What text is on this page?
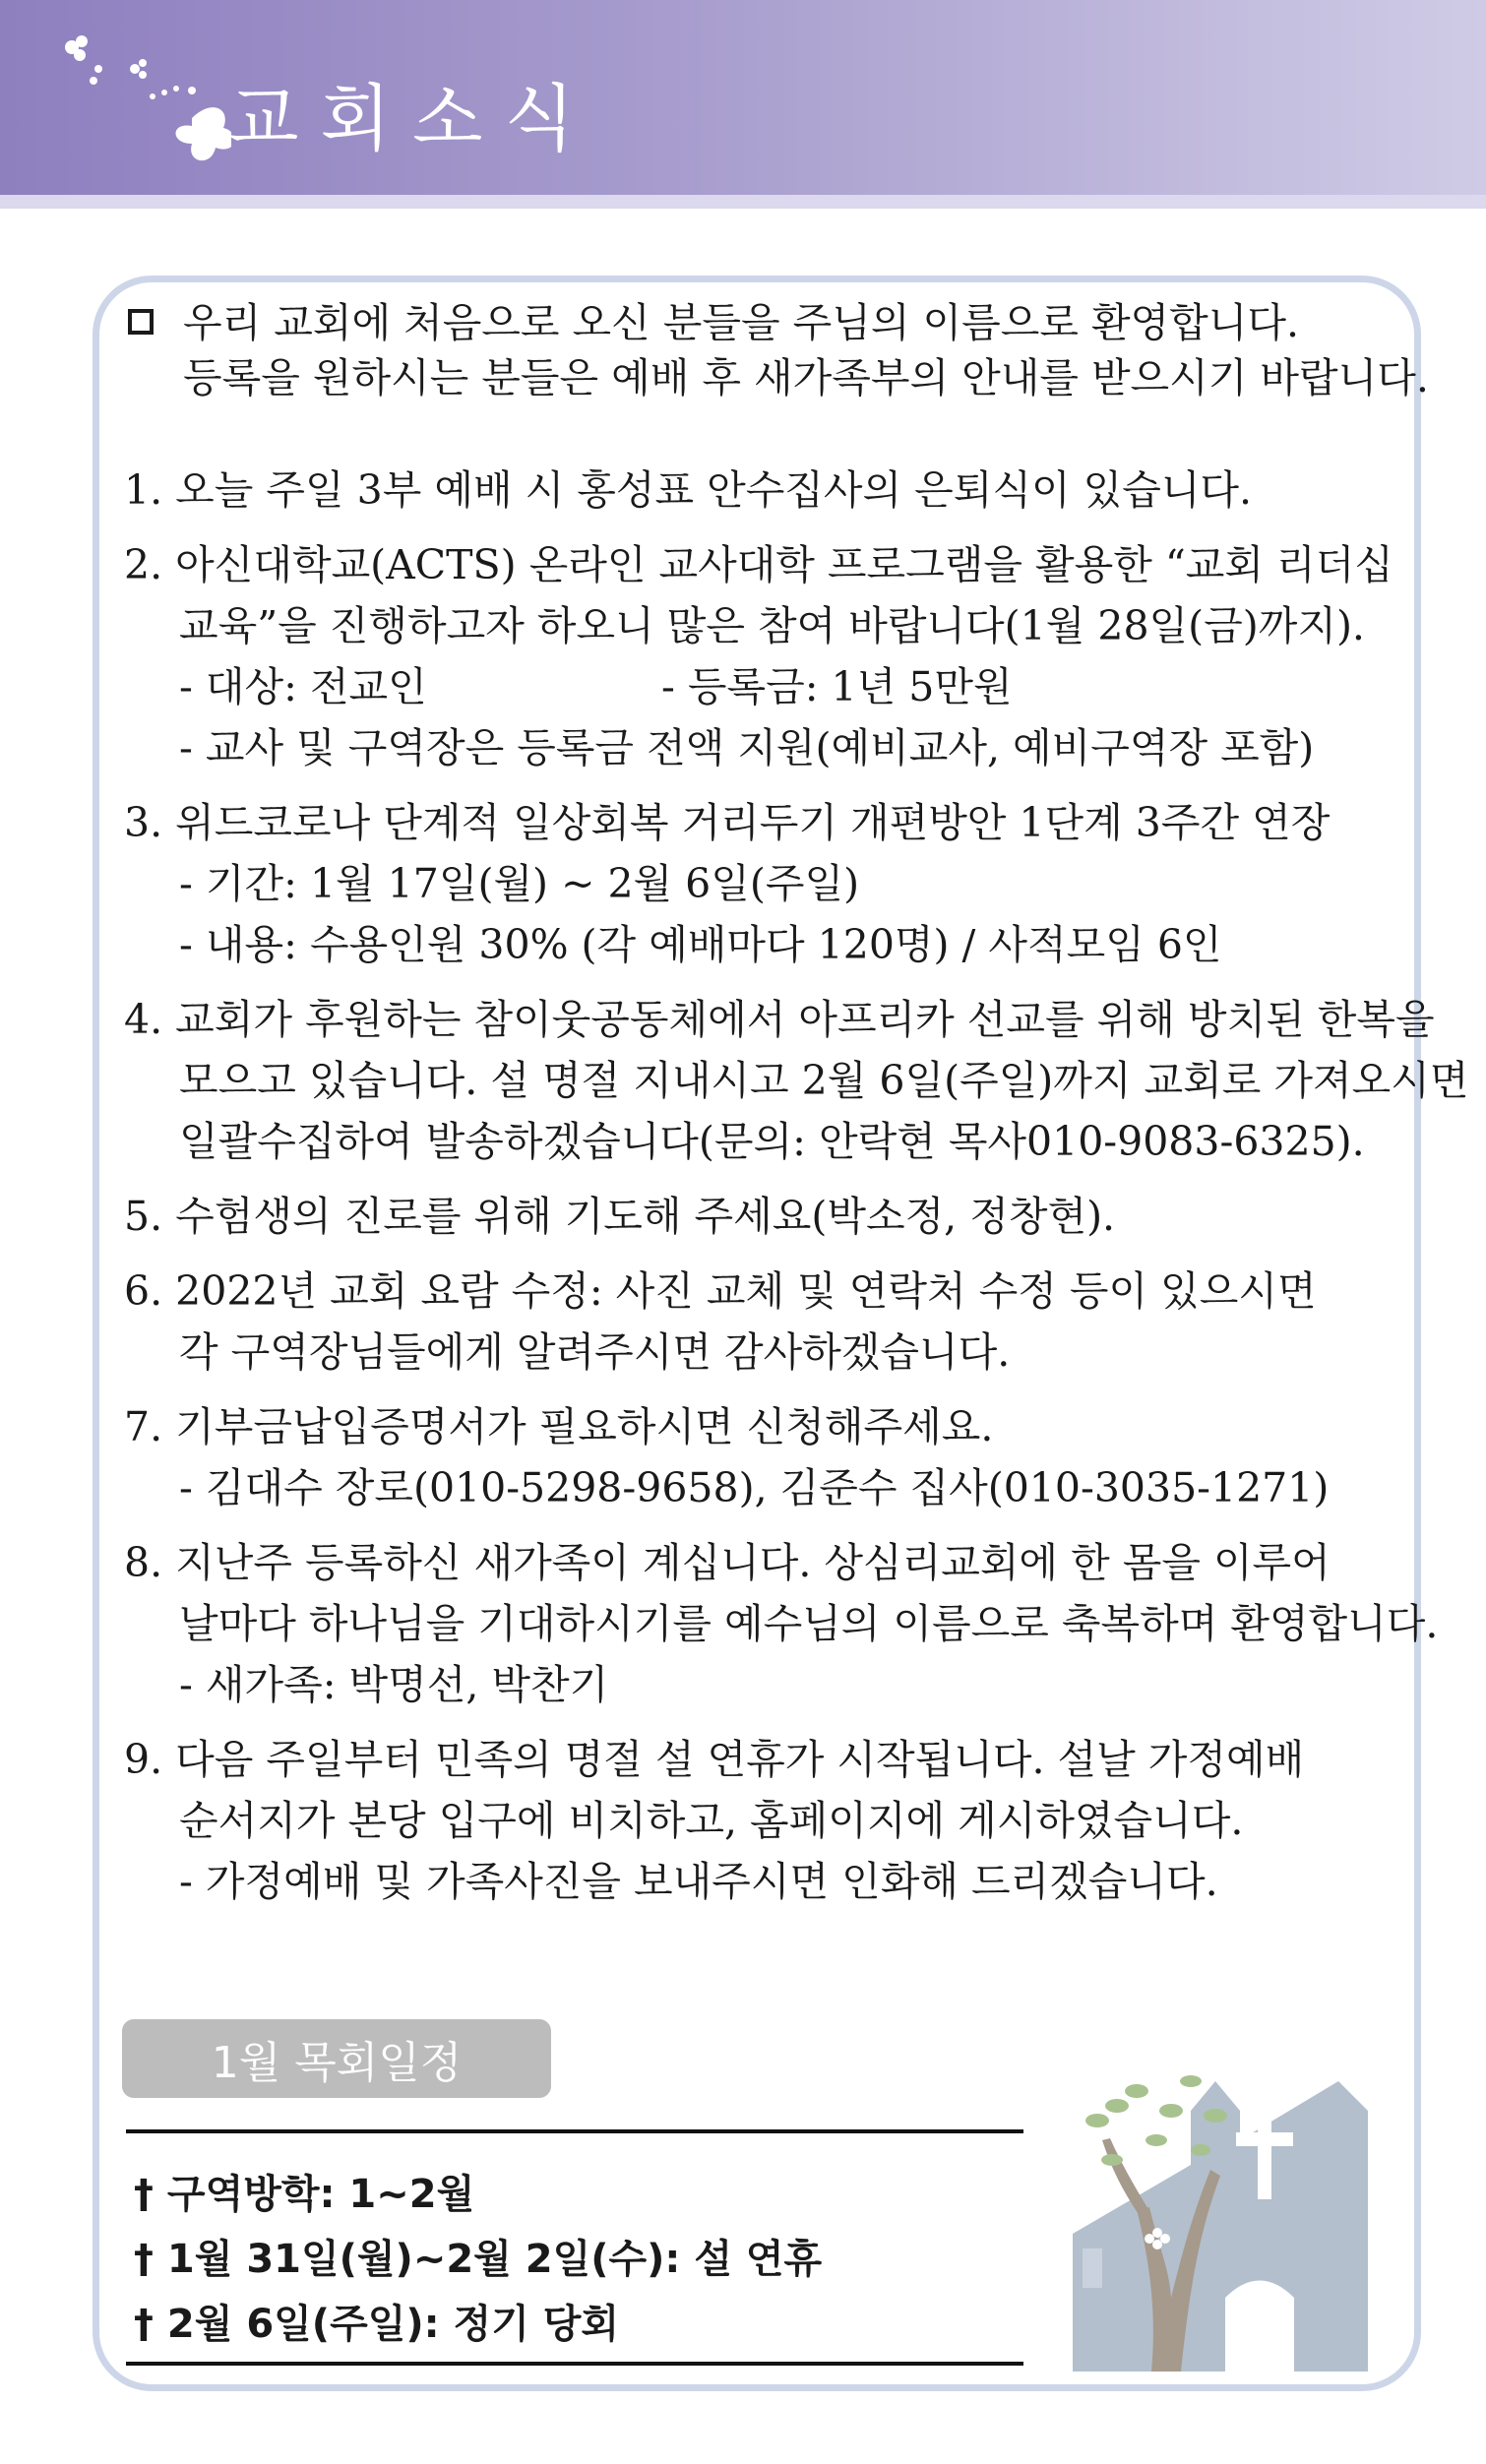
교회소식
우리 교회에 처음으로 오신 분들을 주님의 이름으로 환영합니다.
등록을 원하시는 분들은 예배 후 새가족부의 안내를 받으시기 바랍니다.
1. 오늘 주일 3부 예배 시 홍성표 안수집사의 은퇴식이 있습니다.
2. 아신대학교(ACTS) 온라인 교사대학 프로그램을 활용한 “교회 리더십
교육”을 진행하고자 하오니 많은 참여 바랍니다(1월 28일(금)까지).
- 대상: 전교인	- 등록금: 1년 5만원
- 교사 및 구역장은 등록금 전액 지원(예비교사, 예비구역장 포함)
3. 위드코로나 단계적 일상회복 거리두기 개편방안 1단계 3주간 연장
- 기간: 1월 17일(월) ~ 2월 6일(주일)
- 내용: 수용인원 30% (각 예배마다 120명) / 사적모임 6인
4. 교회가 후원하는 참이웃공동체에서 아프리카 선교를 위해 방치된 한복을
모으고 있습니다. 설 명절 지내시고 2월 6일(주일)까지 교회로 가져오시면
일괄수집하여 발송하겠습니다(문의: 안락현 목사010-9083-6325).
5. 수험생의 진로를 위해 기도해 주세요(박소정, 정창현).
6. 2022년 교회 요람 수정: 사진 교체 및 연락처 수정 등이 있으시면
각 구역장님들에게 알려주시면 감사하겠습니다.
7. 기부금납입증명서가 필요하시면 신청해주세요.
- 김대수 장로(010-5298-9658), 김준수 집사(010-3035-1271)
8. 지난주 등록하신 새가족이 계십니다. 상심리교회에 한 몸을 이루어
날마다 하나님을 기대하시기를 예수님의 이름으로 축복하며 환영합니다.
- 새가족: 박명선, 박찬기
9. 다음 주일부터 민족의 명절 설 연휴가 시작됩니다. 설날 가정예배
순서지가 본당 입구에 비치하고, 홈페이지에 게시하였습니다.
- 가정예배 및 가족사진을 보내주시면 인화해 드리겠습니다.
1월 목회일정
† 구역방학: 1~2월
† 1월 31일(월)~2월 2일(수): 설 연휴
† 2월 6일(주일): 정기 당회
